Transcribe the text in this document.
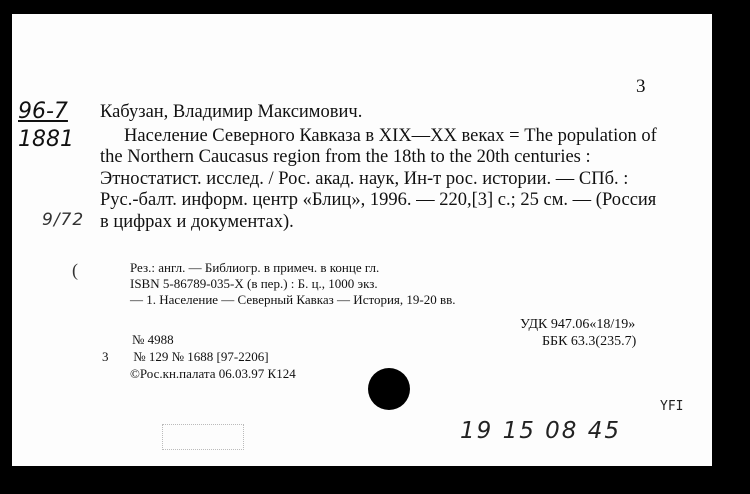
3
96-7
1881
9/72
(
Кабузан, Владимир Максимович.

Население Северного Кавказа в XIX—XX веках = The population of the Northern Caucasus region from the 18th to the 20th centuries : Этностатист. исслед. / Рос. акад. наук, Ин-т рос. истории. — СПб. : Рус.-балт. информ. центр «Блиц», 1996. — 220,[3] с.; 25 см. — (Россия в цифрах и документах).

Рез.: англ. — Библиогр. в примеч. в конце гл.
ISBN 5-86789-035-X (в пер.) : Б. ц., 1000 экз.
— 1. Население — Северный Кавказ — История, 19-20 вв.
УДК 947.06«18/19»
ББК 63.3(235.7)
№ 4988
3 № 129 № 1688 [97-2206]
©Рос.кн.палата 06.03.97 К124
19 15 08 45
YFI
